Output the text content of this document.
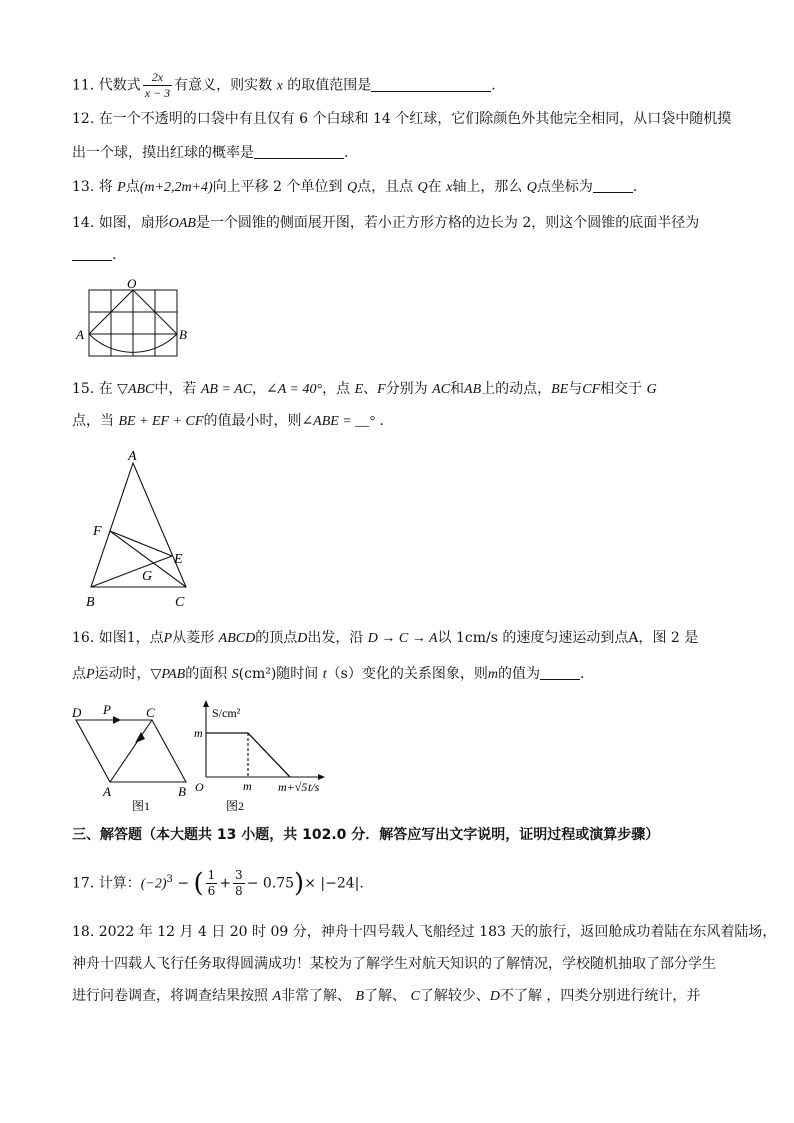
11. 代数式 $\frac{2x}{x - 3}$ 有意义，则实数 x 的取值范围是	.
12. 在一个不透明的口袋中有且仅有 6 个白球和 14 个红球，它们除颜色外其他完全相同，从口袋中随机摸
出一个球，摸出红球的概率是	.
13. 将 P点(m+2,2m+4)向上平移 2 个单位到 Q点，且点 Q在 x轴上，那么 Q点坐标为	.
14. 如图，扇形OAB是一个圆锥的侧面展开图，若小正方形方格的边长为 2，则这个圆锥的底面半径为
.
O
A	B
15. 在 ▽ABC中，若 AB = AC，∠A = 40°，点 E、F分别为 AC和AB上的动点，BE与CF相交于 G
点，当 BE + EF + CF的值最小时，则∠ABE = __° .
A
B	C
E
F
G
16. 如图1，点P从菱形 ABCD的顶点D出发，沿 D → C → A以 1cm/s 的速度匀速运动到点A，图 2 是
点P运动时，▽PAB的面积 S(cm²)随时间 t（s）变化的关系图象，则m的值为	.
D P	C
A	B
图1
S/cm²
m
O	m m+√5 t/s
图2
三、解答题（本大题共 13 小题，共 102.0 分．解答应写出文字说明，证明过程或演算步骤）
17. 计算：$(-2)^3$ − ( $\frac{1}{6} + \frac{3}{8} - 0.75)\times |-24|$.
18. 2022 年 12 月 4 日 20 时 09 分，神舟十四号载人飞船经过 183 天的旅行，返回舱成功着陆在东风着陆场，
神舟十四载人飞行任务取得圆满成功！某校为了解学生对航天知识的了解情况，学校随机抽取了部分学生
进行问卷调查，将调查结果按照 A非常了解、 B了解、 C了解较少、D不了解 ，四类分别进行统计，并
